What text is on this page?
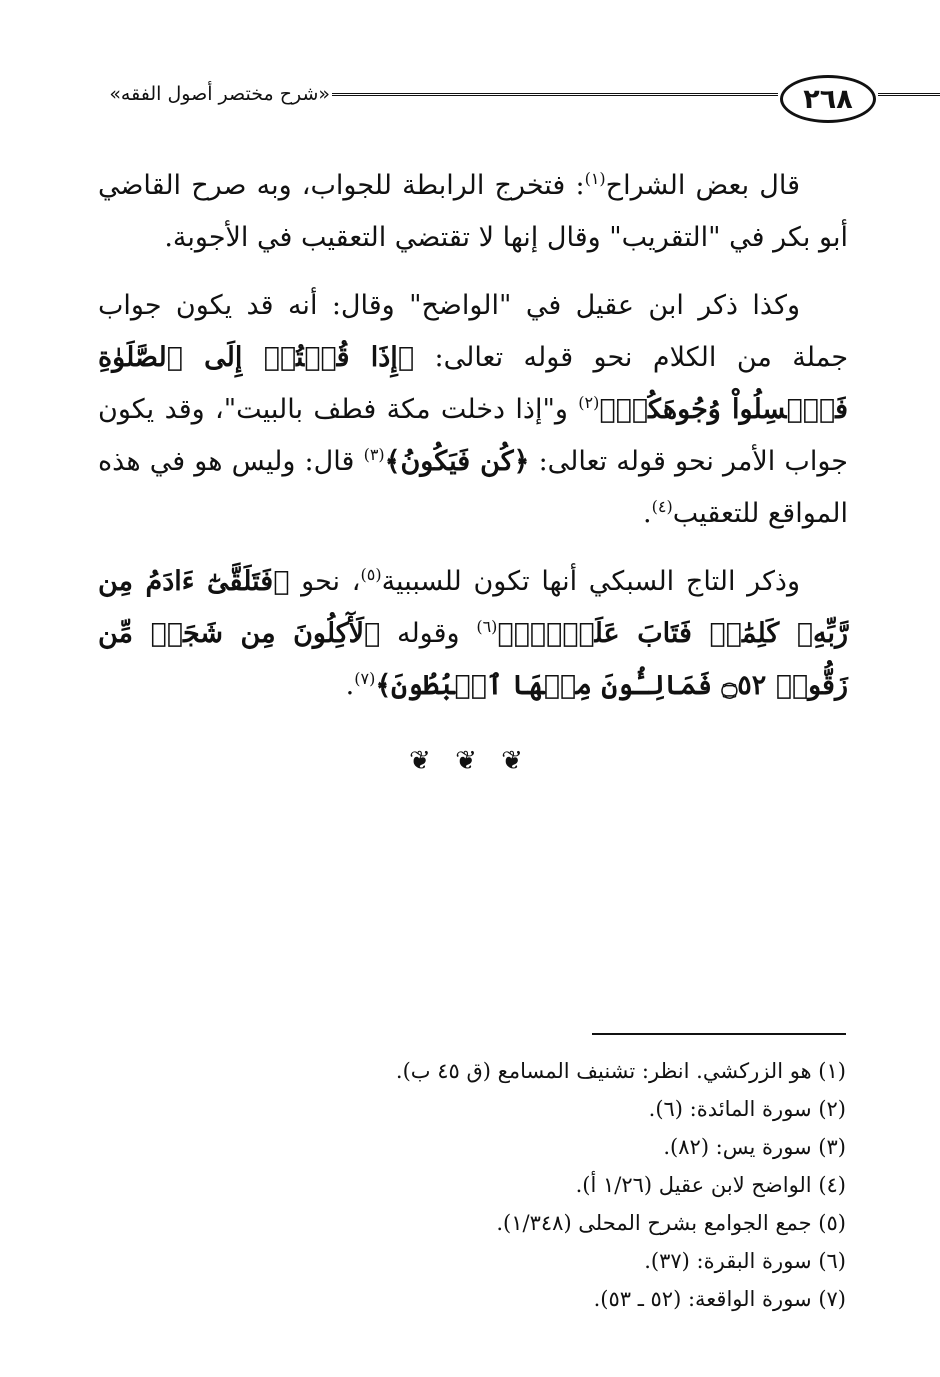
«شرح مختصر أصول الفقه»	٢٦٨

قال بعض الشراح$^{(١)}$: فتخرج الرابطة للجواب، وبه صرح القاضي أبو بكر في "التقريب" وقال إنها لا تقتضي التعقيب في الأجوبة.

وكذا ذكر ابن عقيل في "الواضح" وقال: أنه قد يكون جواب جملة من الكلام نحو قوله تعالى: ﴿إِذَا قُمۡتُمۡ إِلَى ٱلصَّلَوٰةِ فَٱغۡسِلُواْ وُجُوهَكُمۡ﴾$^{(٢)}$ و"إذا دخلت مكة فطف بالبيت"، وقد يكون جواب الأمر نحو قوله تعالى: ﴿كُن فَيَكُونُ﴾$^{(٣)}$ قال: وليس هو في هذه المواقع للتعقيب$^{(٤)}$.

وذكر التاج السبكي أنها تكون للسببية$^{(٥)}$، نحو ﴿فَتَلَقَّىٰٓ ءَادَمُ مِن رَّبِّهِۦ كَلِمَٰتٖ فَتَابَ عَلَيۡهِۚ﴾$^{(٦)}$ وقوله ﴿لَأٓكِلُونَ مِن شَجَرٖ مِّن زَقُّومٖ ۝٥٢ فَمَالِـُٔونَ مِنۡهَا ٱلۡبُطُونَ﴾$^{(٧)}$.

❦ ❦ ❦
(١) هو الزركشي. انظر: تشنيف المسامع (ق ٤٥ ب).
(٢) سورة المائدة: (٦).
(٣) سورة يس: (٨٢).
(٤) الواضح لابن عقيل (١/٢٦ أ).
(٥) جمع الجوامع بشرح المحلى (١/٣٤٨).
(٦) سورة البقرة: (٣٧).
(٧) سورة الواقعة: (٥٢ ـ ٥٣).
